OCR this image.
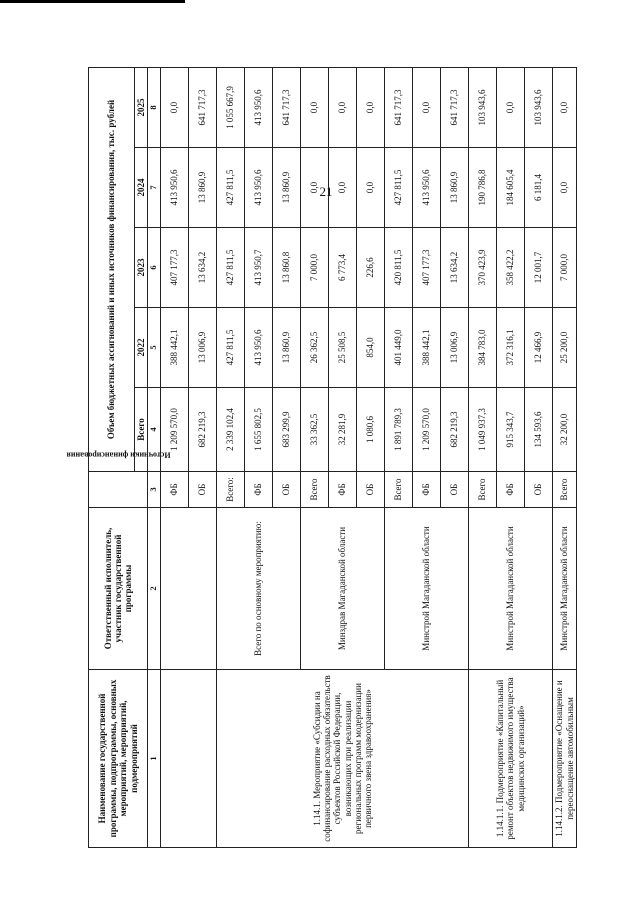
21
Наименование государственной программы, подпрограммы, основных мероприятий, мероприятий, подмероприятий	Ответственный исполнитель, участник государственной программы	Источники финансирования	Объем бюджетных ассигнований и иных источников финансирования, тыс. рублей				
			Всего	2022	2023	2024	2025
1	2	3	4	5	6	7	8
		ФБ	1 209 570,0	388 442,1	407 177,3	413 950,6	0,0
		ОБ	682 219,3	13 006,9	13 634,2	13 860,9	641 717,3
1.14.1. Мероприятие «Субсидии на софинансирование расходных обязательств субъектов Российской Федерации, возникающих при реализации региональных программ модернизации первичного звена здравоохранения»	Всего по основному мероприятию:	Всего:	2 339 102,4	427 811,5	427 811,5	427 811,5	1 055 667,9
		ФБ	1 655 802,5	413 950,6	413 950,7	413 950,6	413 950,6
		ОБ	683 299,9	13 860,9	13 860,8	13 860,9	641 717,3
	Минздрав Магаданской области	Всего	33 362,5	26 362,5	7 000,0	0,0	0,0
		ФБ	32 281,9	25 508,5	6 773,4	0,0	0,0
		ОБ	1 080,6	854,0	226,6	0,0	0,0
	Минстрой Магаданской области	Всего	1 891 789,3	401 449,0	420 811,5	427 811,5	641 717,3
		ФБ	1 209 570,0	388 442,1	407 177,3	413 950,6	0,0
		ОБ	682 219,3	13 006,9	13 634,2	13 860,9	641 717,3
1.14.1.1. Подмероприятие «Капитальный ремонт объектов недвижимого имущества медицинских организаций»	Минстрой Магаданской области	Всего	1 049 937,3	384 783,0	370 423,9	190 786,8	103 943,6
		ФБ	915 343,7	372 316,1	358 422,2	184 605,4	0,0
		ОБ	134 593,6	12 466,9	12 001,7	6 181,4	103 943,6
1.14.1.2. Подмероприятие «Оснащение и переоснащение автомобильным	Минстрой Магаданской области	Всего	32 200,0	25 200,0	7 000,0	0,0	0,0
